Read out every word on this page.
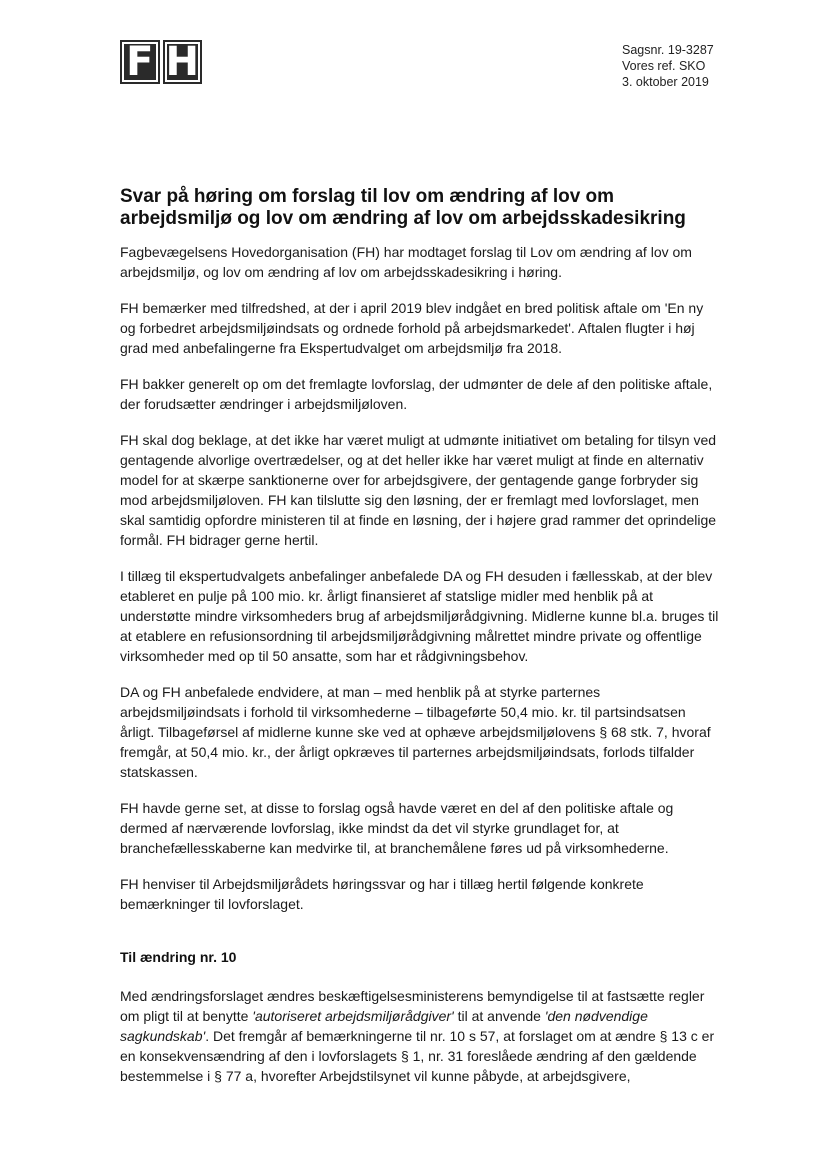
F H	Sagsnr. 19-3287
Vores ref. SKO
3. oktober 2019
Svar på høring om forslag til lov om ændring af lov om arbejdsmiljø og lov om ændring af lov om arbejdsskadesikring

Fagbevægelsens Hovedorganisation (FH) har modtaget forslag til Lov om ændring af lov om arbejdsmiljø, og lov om ændring af lov om arbejdsskadesikring i høring.

FH bemærker med tilfredshed, at der i april 2019 blev indgået en bred politisk aftale om 'En ny og forbedret arbejdsmiljøindsats og ordnede forhold på arbejdsmarkedet'. Aftalen flugter i høj grad med anbefalingerne fra Ekspertudvalget om arbejdsmiljø fra 2018.

FH bakker generelt op om det fremlagte lovforslag, der udmønter de dele af den politiske aftale, der forudsætter ændringer i arbejdsmiljøloven.

FH skal dog beklage, at det ikke har været muligt at udmønte initiativet om betaling for tilsyn ved gentagende alvorlige overtrædelser, og at det heller ikke har været muligt at finde en alternativ model for at skærpe sanktionerne over for arbejdsgivere, der gentagende gange forbryder sig mod arbejdsmiljøloven. FH kan tilslutte sig den løsning, der er fremlagt med lovforslaget, men skal samtidig opfordre ministeren til at finde en løsning, der i højere grad rammer det oprindelige formål. FH bidrager gerne hertil.

I tillæg til ekspertudvalgets anbefalinger anbefalede DA og FH desuden i fællesskab, at der blev etableret en pulje på 100 mio. kr. årligt finansieret af statslige midler med henblik på at understøtte mindre virksomheders brug af arbejdsmiljørådgivning. Midlerne kunne bl.a. bruges til at etablere en refusionsordning til arbejdsmiljørådgivning målrettet mindre private og offentlige virksomheder med op til 50 ansatte, som har et rådgivningsbehov.

DA og FH anbefalede endvidere, at man – med henblik på at styrke parternes arbejdsmiljøindsats i forhold til virksomhederne – tilbageførte 50,4 mio. kr. til partsindsatsen årligt. Tilbageførsel af midlerne kunne ske ved at ophæve arbejdsmiljølovens § 68 stk. 7, hvoraf fremgår, at 50,4 mio. kr., der årligt opkræves til parternes arbejdsmiljøindsats, forlods tilfalder statskassen.

FH havde gerne set, at disse to forslag også havde været en del af den politiske aftale og dermed af nærværende lovforslag, ikke mindst da det vil styrke grundlaget for, at branchefællesskaberne kan medvirke til, at branchemålene føres ud på virksomhederne.

FH henviser til Arbejdsmiljørådets høringssvar og har i tillæg hertil følgende konkrete bemærkninger til lovforslaget.

Til ændring nr. 10

Med ændringsforslaget ændres beskæftigelsesministerens bemyndigelse til at fastsætte regler om pligt til at benytte 'autoriseret arbejdsmiljørådgiver' til at anvende 'den nødvendige sagkundskab'. Det fremgår af bemærkningerne til nr. 10 s 57, at forslaget om at ændre § 13 c er en konsekvensændring af den i lovforslagets § 1, nr. 31 foreslåede ændring af den gældende bestemmelse i § 77 a, hvorefter Arbejdstilsynet vil kunne påbyde, at arbejdsgivere,
